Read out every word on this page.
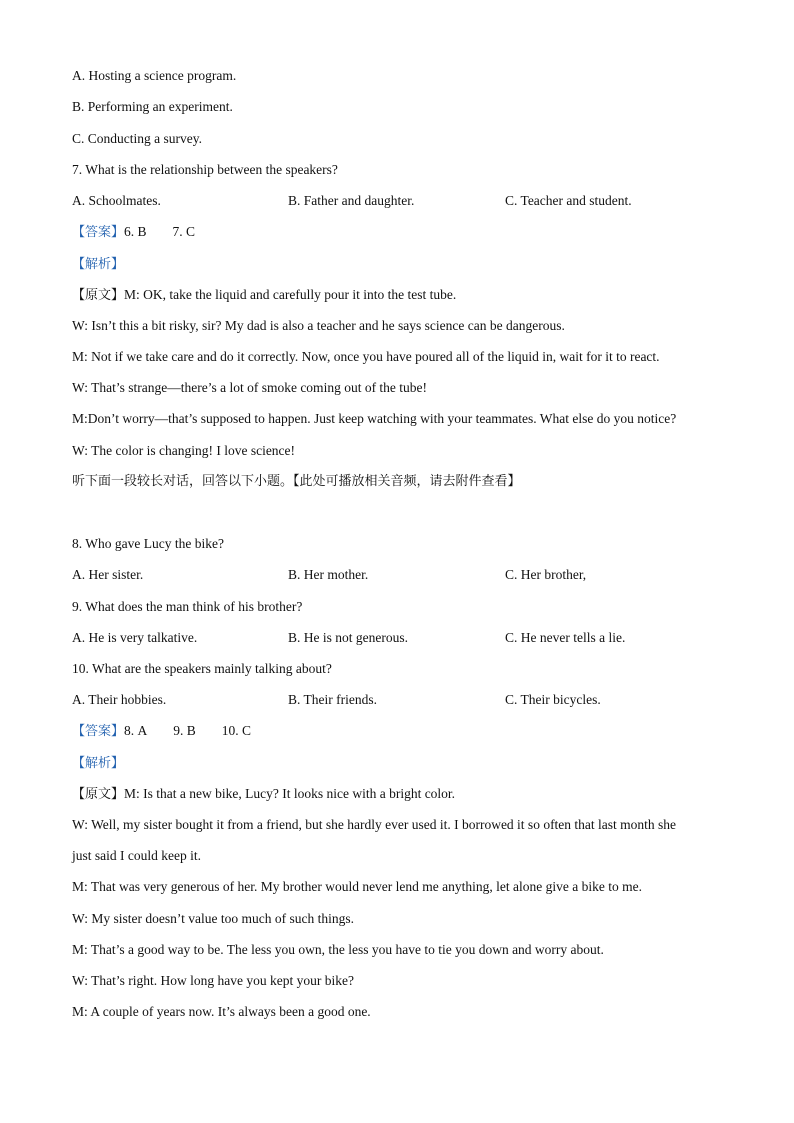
A. Hosting a science program.
B. Performing an experiment.
C. Conducting a survey.
7. What is the relationship between the speakers?
A. Schoolmates.	B. Father and daughter.	C. Teacher and student.
【答案】6. B 7. C
【解析】
【原文】M: OK, take the liquid and carefully pour it into the test tube.
W: Isn’t this a bit risky, sir? My dad is also a teacher and he says science can be dangerous.
M: Not if we take care and do it correctly. Now, once you have poured all of the liquid in, wait for it to react.
W: That’s strange—there’s a lot of smoke coming out of the tube!
M:Don’t worry—that’s supposed to happen. Just keep watching with your teammates. What else do you notice?
W: The color is changing! I love science!
听下面一段较长对话，回答以下小题。【此处可播放相关音频，请去附件查看】
8. Who gave Lucy the bike?
A. Her sister.	B. Her mother.	C. Her brother,
9. What does the man think of his brother?
A. He is very talkative.	B. He is not generous.	C. He never tells a lie.
10. What are the speakers mainly talking about?
A. Their hobbies.	B. Their friends.	C. Their bicycles.
【答案】8. A 9. B 10. C
【解析】
【原文】M: Is that a new bike, Lucy? It looks nice with a bright color.
W: Well, my sister bought it from a friend, but she hardly ever used it. I borrowed it so often that last month she
just said I could keep it.
M: That was very generous of her. My brother would never lend me anything, let alone give a bike to me.
W: My sister doesn’t value too much of such things.
M: That’s a good way to be. The less you own, the less you have to tie you down and worry about.
W: That’s right. How long have you kept your bike?
M: A couple of years now. It’s always been a good one.
